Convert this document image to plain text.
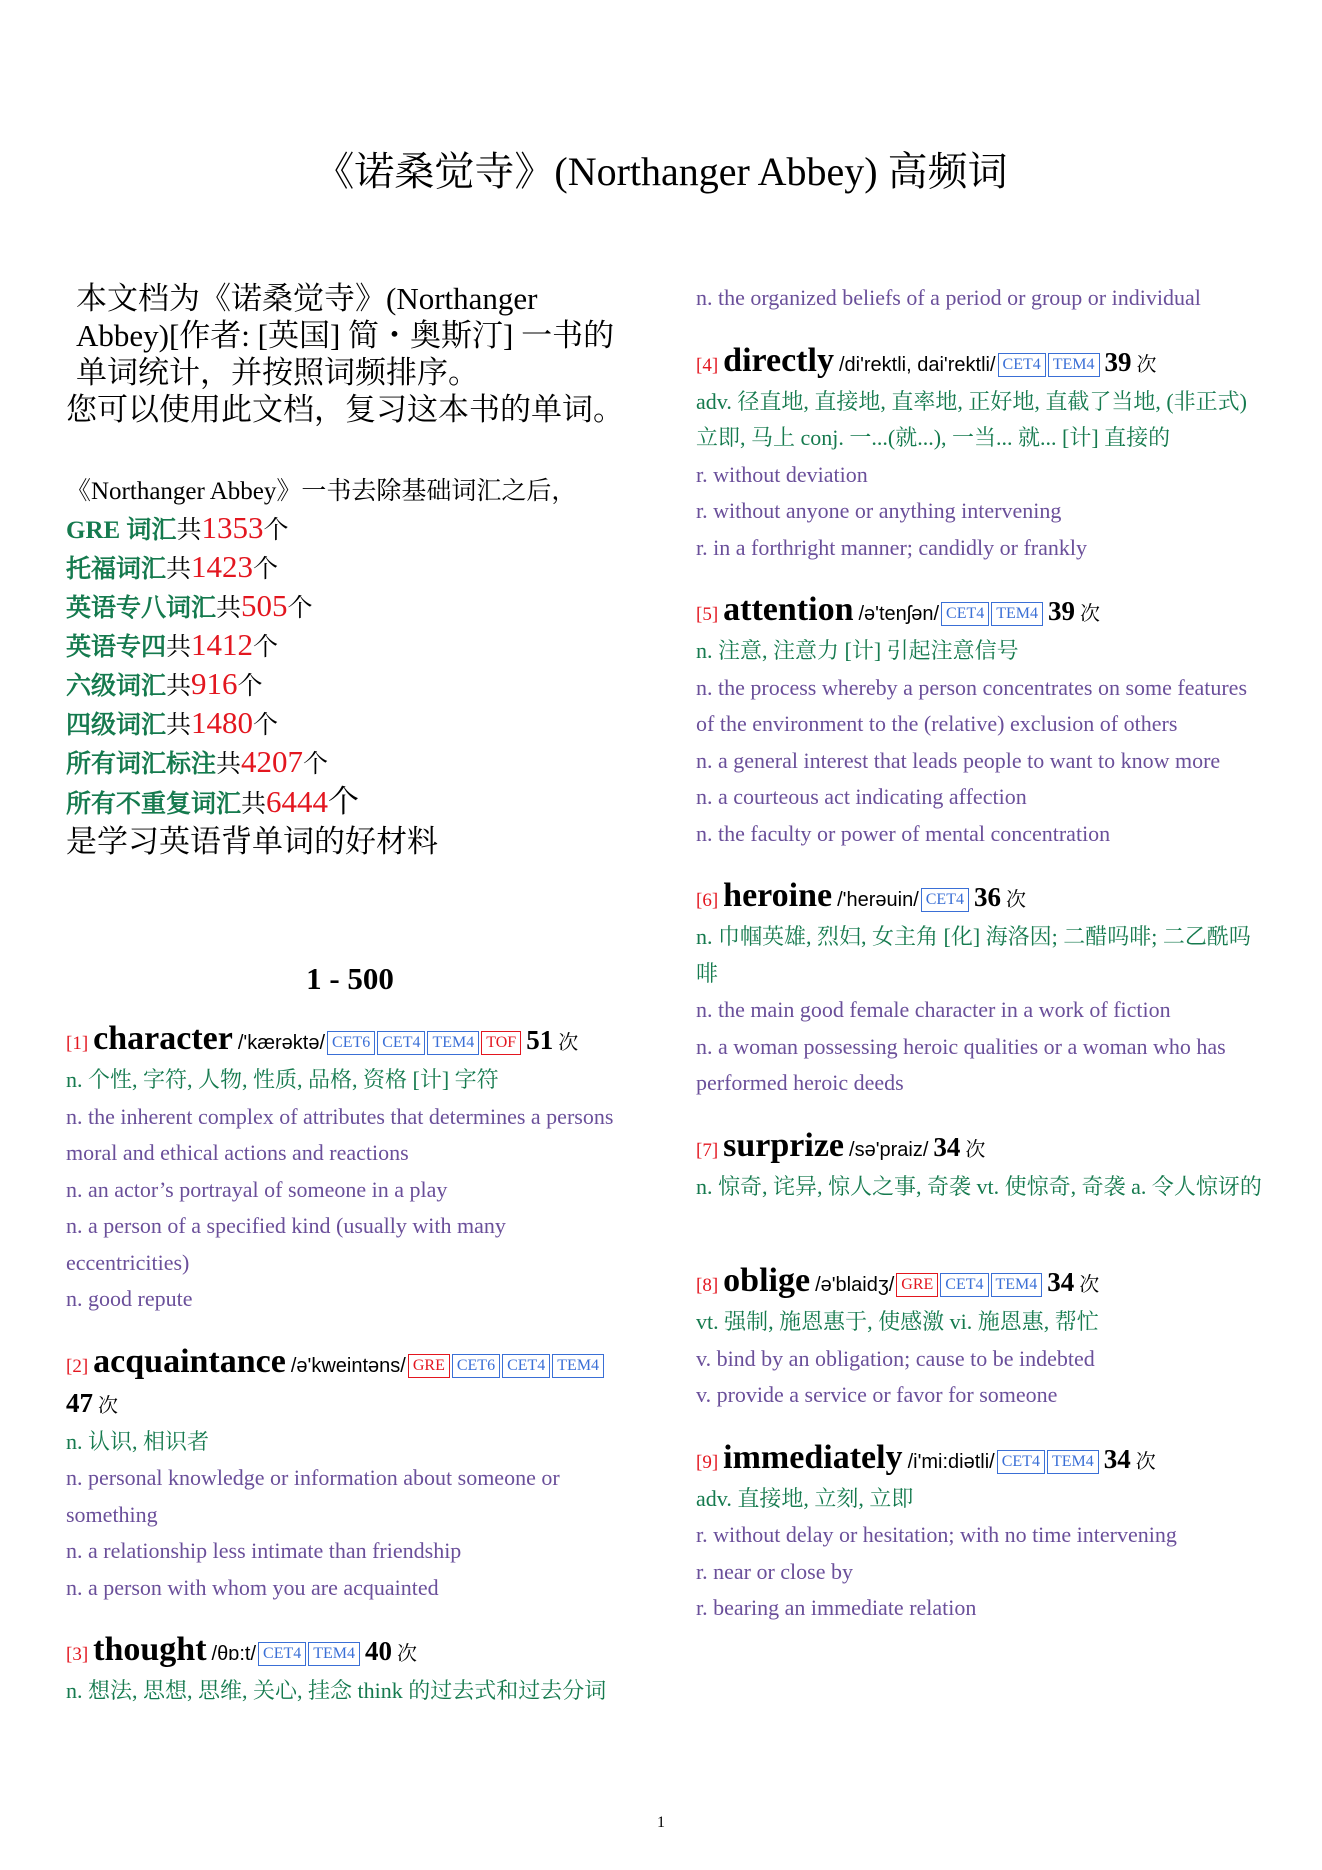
《诺桑觉寺》(Northanger Abbey) 高频词

本文档为《诺桑觉寺》(Northanger Abbey)[作者: [英国] 简・奥斯汀] 一书的单词统计，并按照词频排序。

您可以使用此文档，复习这本书的单词。

《Northanger Abbey》一书去除基础词汇之后，
GRE 词汇共1353个
托福词汇共1423个
英语专八词汇共505个
英语专四共1412个
六级词汇共916个
四级词汇共1480个
所有词汇标注共4207个
所有不重复词汇共6444个
是学习英语背单词的好材料
1 - 500
[1] character /'kærəktə/ CET6 CET4 TEM4 TOF 51 次
n. 个性, 字符, 人物, 性质, 品格, 资格 [计] 字符
n. the inherent complex of attributes that determines a persons moral and ethical actions and reactions
n. an actor’s portrayal of someone in a play
n. a person of a specified kind (usually with many eccentricities)
n. good repute
[2] acquaintance /ə'kweintəns/ GRE CET6 CET4 TEM4 47 次
n. 认识, 相识者
n. personal knowledge or information about someone or something
n. a relationship less intimate than friendship
n. a person with whom you are acquainted
[3] thought /θɒ:t/ CET4 TEM4 40 次
n. 想法, 思想, 思维, 关心, 挂念 think 的过去式和过去分词
n. the organized beliefs of a period or group or individual
[4] directly /di'rektli, dai'rektli/ CET4 TEM4 39 次
adv. 径直地, 直接地, 直率地, 正好地, 直截了当地, (非正式) 立即, 马上 conj. 一...(就...), 一当... 就... [计] 直接的
r. without deviation
r. without anyone or anything intervening
r. in a forthright manner; candidly or frankly
[5] attention /ə'tenʃən/ CET4 TEM4 39 次
n. 注意, 注意力 [计] 引起注意信号
n. the process whereby a person concentrates on some features of the environment to the (relative) exclusion of others
n. a general interest that leads people to want to know more
n. a courteous act indicating affection
n. the faculty or power of mental concentration
[6] heroine /'herəuin/ CET4 36 次
n. 巾帼英雄, 烈妇, 女主角 [化] 海洛因; 二醋吗啡; 二乙酰吗啡
n. the main good female character in a work of fiction
n. a woman possessing heroic qualities or a woman who has performed heroic deeds
[7] surprize /sə'praiz/ 34 次
n. 惊奇, 诧异, 惊人之事, 奇袭 vt. 使惊奇, 奇袭 a. 令人惊讶的
[8] oblige /ə'blaidʒ/ GRE CET4 TEM4 34 次
vt. 强制, 施恩惠于, 使感激 vi. 施恩惠, 帮忙
v. bind by an obligation; cause to be indebted
v. provide a service or favor for someone
[9] immediately /i'mi:diətli/ CET4 TEM4 34 次
adv. 直接地, 立刻, 立即
r. without delay or hesitation; with no time intervening
r. near or close by
r. bearing an immediate relation
1
